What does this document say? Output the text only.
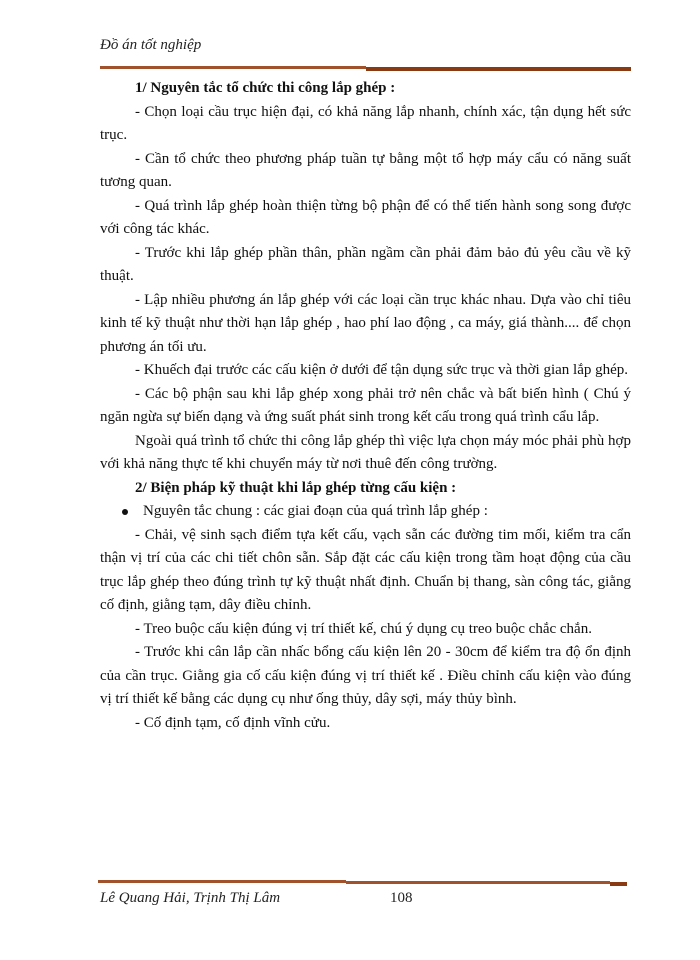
Đồ án tốt nghiệp

1/ Nguyên tắc tổ chức thi công lắp ghép :

- Chọn loại cầu trục hiện đại, có khả năng lắp nhanh, chính xác, tận dụng hết sức trục.

- Cần tổ chức theo phương pháp tuần tự bằng một tổ hợp máy cẩu có năng suất tương quan.

- Quá trình lắp ghép hoàn thiện từng bộ phận để có thể tiến hành song song được với công tác khác.

- Trước khi lắp ghép phần thân, phần ngầm cần phải đảm bảo đủ yêu cầu về kỹ thuật.

- Lập nhiều phương án lắp ghép với các loại cần trục khác nhau. Dựa vào chỉ tiêu kinh tế kỹ thuật như thời hạn lắp ghép , hao phí lao động , ca máy, giá thành.... để chọn phương án tối ưu.

- Khuếch đại trước các cấu kiện ở dưới để tận dụng sức trục và thời gian lắp ghép.

- Các bộ phận sau khi lắp ghép xong phải trở nên chắc và bất biến hình ( Chú ý ngăn ngừa sự biến dạng và ứng suất phát sinh trong kết cấu trong quá trình cẩu lắp.

Ngoài quá trình tổ chức thi công lắp ghép thì việc lựa chọn máy móc phải phù hợp với khả năng thực tế khi chuyển máy từ nơi thuê đến công trường.

2/ Biện pháp kỹ thuật khi lắp ghép từng cấu kiện :

Nguyên tắc chung : các giai đoạn của quá trình lắp ghép :

- Chải, vệ sinh sạch điểm tựa kết cấu, vạch sẵn các đường tim mối, kiểm tra cẩn thận vị trí của các chi tiết chôn sẵn. Sắp đặt các cấu kiện trong tầm hoạt động của cầu trục lắp ghép theo đúng trình tự kỹ thuật nhất định. Chuẩn bị thang, sàn công tác, giằng cố định, giằng tạm, dây điều chỉnh.

- Treo buộc cấu kiện đúng vị trí thiết kế, chú ý dụng cụ treo buộc chắc chắn.

- Trước khi cân lắp cần nhấc bổng cấu kiện lên 20 - 30cm để kiểm tra độ ổn định của cần trục. Giằng gia cố cấu kiện đúng vị trí thiết kế . Điều chỉnh cấu kiện vào đúng vị trí thiết kế bằng các dụng cụ như ống thủy, dây sợi, máy thủy bình.

- Cố định tạm, cố định vĩnh cửu.

Lê Quang Hải, Trịnh Thị Lâm	108
